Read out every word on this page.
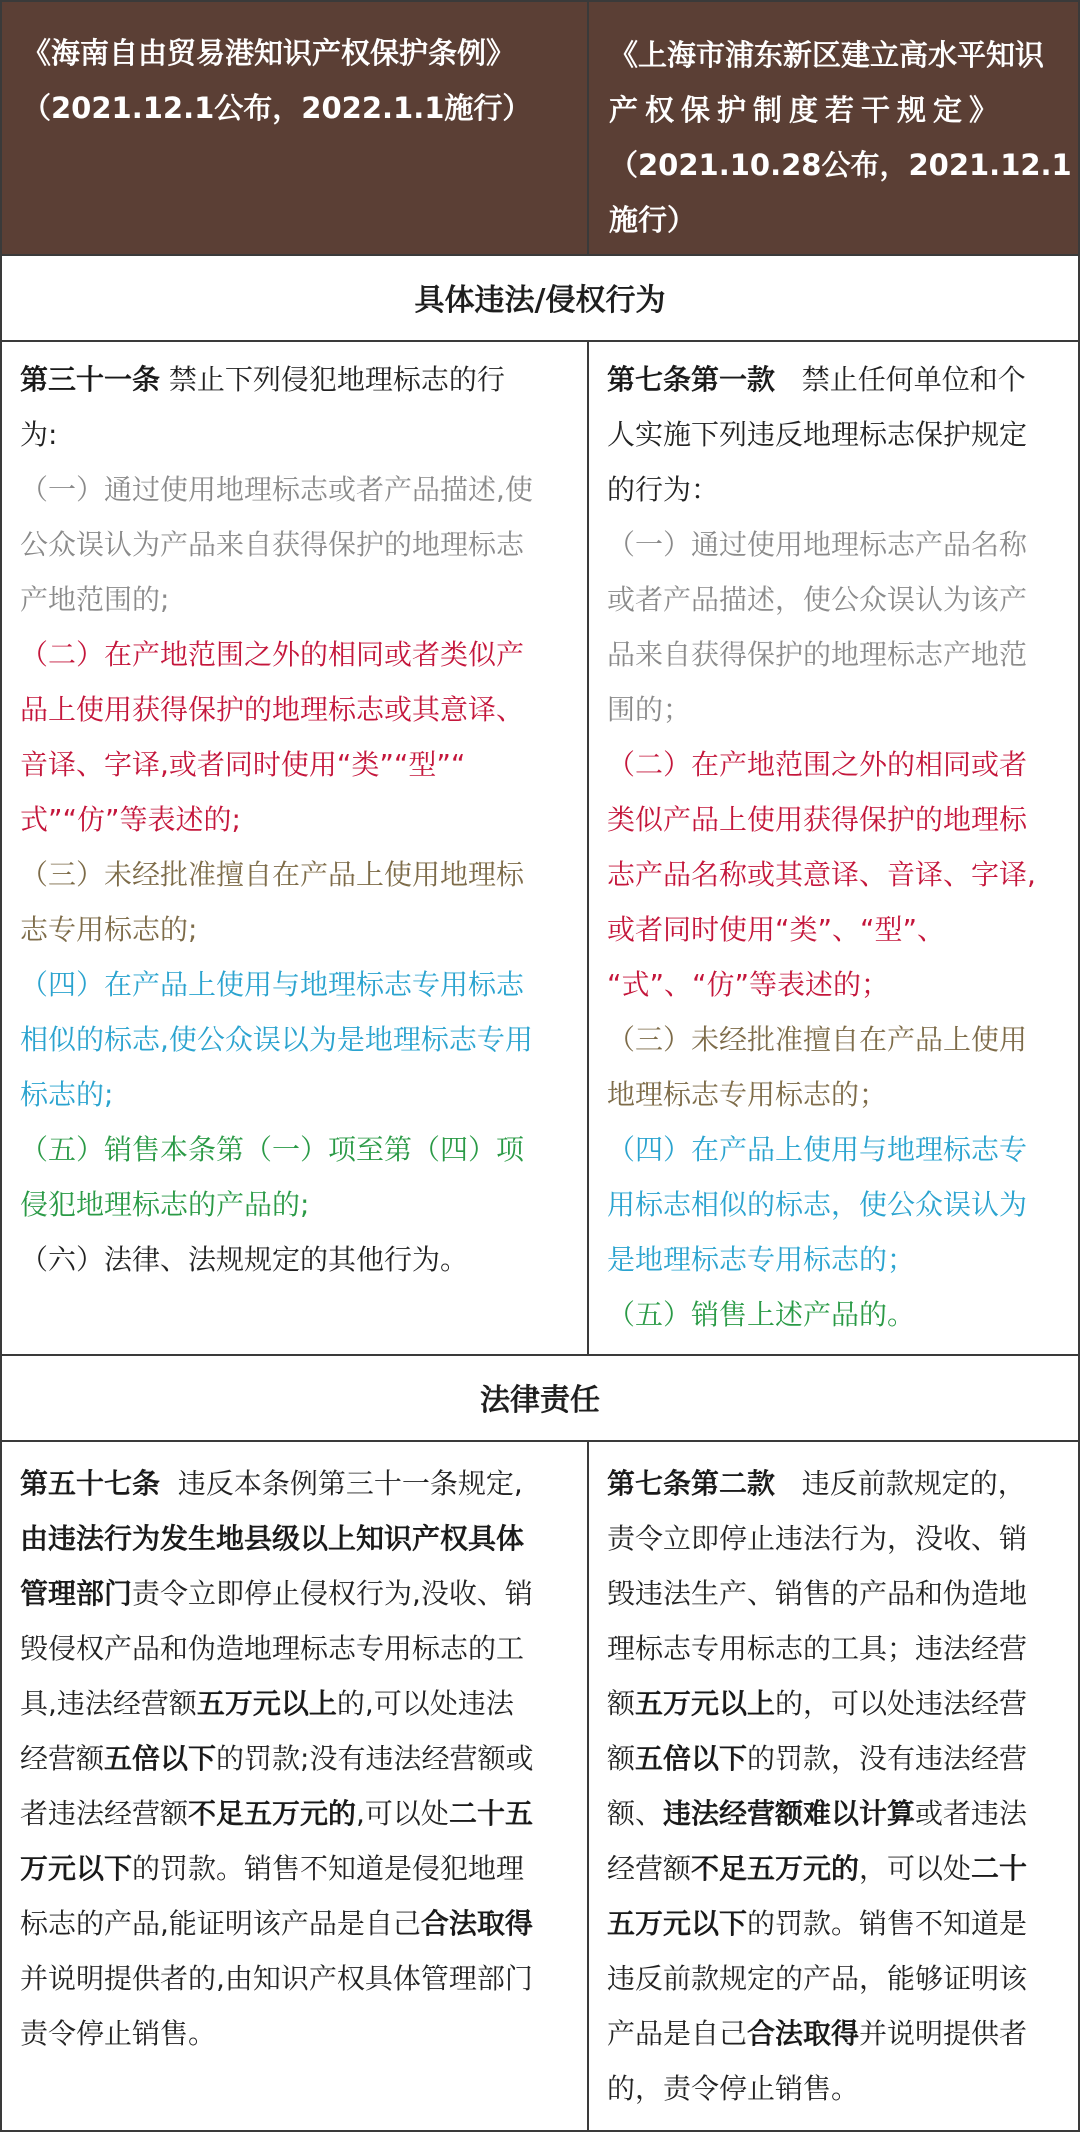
《海南自由贸易港知识产权保护条例》
（2021.12.1公布，2022.1.1施行）
《上海市浦东新区建立高水平知识
产权保护制度若干规定》
（2021.10.28公布，2021.12.1
施行）
具体违法/侵权行为
第三十一条 禁止下列侵犯地理标志的行
为:
（一）通过使用地理标志或者产品描述,使
公众误认为产品来自获得保护的地理标志
产地范围的;
（二）在产地范围之外的相同或者类似产
品上使用获得保护的地理标志或其意译、
音译、字译,或者同时使用“类”“型”“
式”“仿”等表述的;
（三）未经批准擅自在产品上使用地理标
志专用标志的;
（四）在产品上使用与地理标志专用标志
相似的标志,使公众误以为是地理标志专用
标志的;
（五）销售本条第（一）项至第（四）项
侵犯地理标志的产品的;
（六）法律、法规规定的其他行为。
第七条第一款   禁止任何单位和个
人实施下列违反地理标志保护规定
的行为：
（一）通过使用地理标志产品名称
或者产品描述，使公众误认为该产
品来自获得保护的地理标志产地范
围的；
（二）在产地范围之外的相同或者
类似产品上使用获得保护的地理标
志产品名称或其意译、音译、字译,
或者同时使用“类”、“型”、
“式”、“仿”等表述的；
（三）未经批准擅自在产品上使用
地理标志专用标志的；
（四）在产品上使用与地理标志专
用标志相似的标志，使公众误认为
是地理标志专用标志的；
（五）销售上述产品的。
法律责任
第五十七条  违反本条例第三十一条规定,
由违法行为发生地县级以上知识产权具体
管理部门责令立即停止侵权行为,没收、销
毁侵权产品和伪造地理标志专用标志的工
具,违法经营额五万元以上的,可以处违法
经营额五倍以下的罚款;没有违法经营额或
者违法经营额不足五万元的,可以处二十五
万元以下的罚款。销售不知道是侵犯地理
标志的产品,能证明该产品是自己合法取得
并说明提供者的,由知识产权具体管理部门
责令停止销售。
第七条第二款   违反前款规定的，
责令立即停止违法行为，没收、销
毁违法生产、销售的产品和伪造地
理标志专用标志的工具；违法经营
额五万元以上的，可以处违法经营
额五倍以下的罚款，没有违法经营
额、违法经营额难以计算或者违法
经营额不足五万元的，可以处二十
五万元以下的罚款。销售不知道是
违反前款规定的产品，能够证明该
产品是自己合法取得并说明提供者
的，责令停止销售。
